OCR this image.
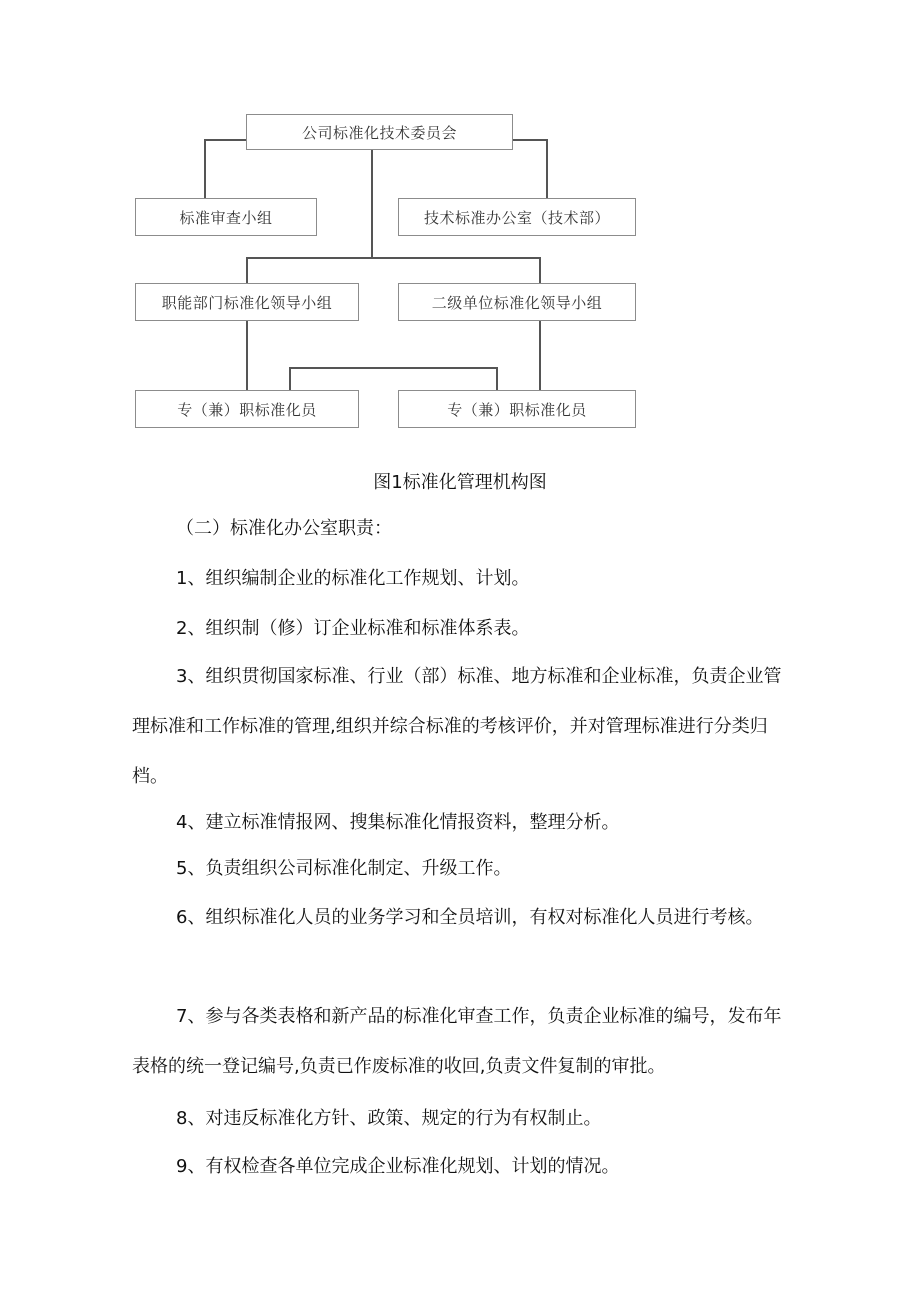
公司标准化技术委员会
标准审查小组	技术标准办公室（技术部）
职能部门标准化领导小组	二级单位标准化领导小组
专（兼）职标准化员	专（兼）职标准化员
图1标准化管理机构图

（二）标准化办公室职责：

1、组织编制企业的标准化工作规划、计划。

2、组织制（修）订企业标准和标准体系表。

3、组织贯彻国家标准、行业（部）标准、地方标准和企业标准，负责企业管理标准和工作标准的管理,组织并综合标准的考核评价，并对管理标准进行分类归档。

4、建立标准情报网、搜集标准化情报资料，整理分析。

5、负责组织公司标准化制定、升级工作。

6、组织标准化人员的业务学习和全员培训，有权对标准化人员进行考核。

7、参与各类表格和新产品的标准化审查工作，负责企业标准的编号，发布年表格的统一登记编号,负责已作废标准的收回,负责文件复制的审批。

8、对违反标准化方针、政策、规定的行为有权制止。

9、有权检查各单位完成企业标准化规划、计划的情况。
